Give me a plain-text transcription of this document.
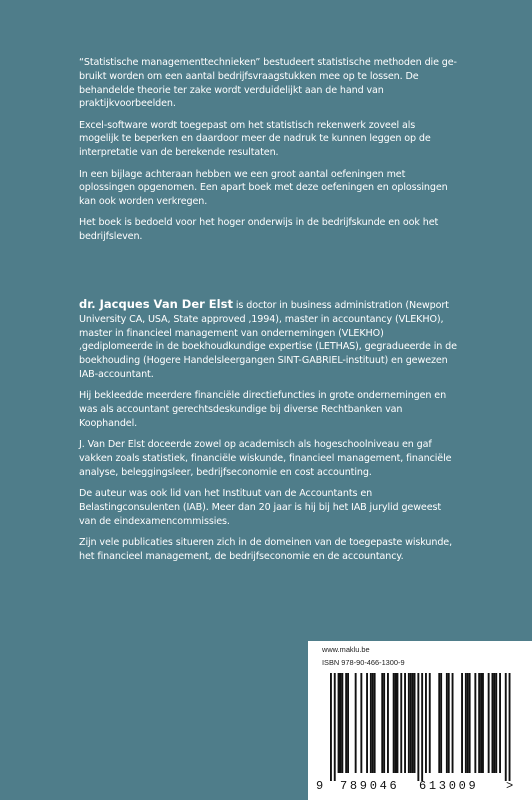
“Statistische managementtechnieken” bestudeert statistische methoden die gebruikt worden om een aantal bedrijfsvraagstukken mee op te lossen. De behandelde theorie ter zake wordt verduidelijkt aan de hand van praktijkvoorbeelden.

Excel-software wordt toegepast om het statistisch rekenwerk zoveel als mogelijk te beperken en daardoor meer de nadruk te kunnen leggen op de interpretatie van de berekende resultaten.

In een bijlage achteraan hebben we een groot aantal oefeningen met oplossingen opgenomen. Een apart boek met deze oefeningen en oplossingen kan ook worden verkregen.

Het boek is bedoeld voor het hoger onderwijs in de bedrijfskunde en ook het bedrijfsleven.

dr. Jacques Van Der Elst is doctor in business administration (Newport University CA, USA, State approved ,1994), master in accountancy (VLEKHO), master in financieel management van ondernemingen (VLEKHO) ,gediplomeerde in de boekhoudkundige expertise (LETHAS), gegradueerde in de boekhouding (Hogere Handelsleergangen SINT-GABRIEL-instituut) en gewezen IAB-accountant.

Hij bekleedde meerdere financiële directiefuncties in grote ondernemingen en was als accountant gerechtsdeskundige bij diverse Rechtbanken van Koophandel.

J. Van Der Elst doceerde zowel op academisch als hogeschoolniveau en gaf vakken zoals statistiek, financiële wiskunde, financieel management, financiële analyse, beleggingsleer, bedrijfseconomie en cost accounting.

De auteur was ook lid van het Instituut van de Accountants en Belastingconsulenten (IAB). Meer dan 20 jaar is hij bij het IAB jurylid geweest van de eindexamencommissies.

Zijn vele publicaties situeren zich in de domeinen van de toegepaste wiskunde, het financieel management, de bedrijfseconomie en de accountancy.

www.maklu.be
ISBN 978-90-466-1300-9
9 789046 613009 >
